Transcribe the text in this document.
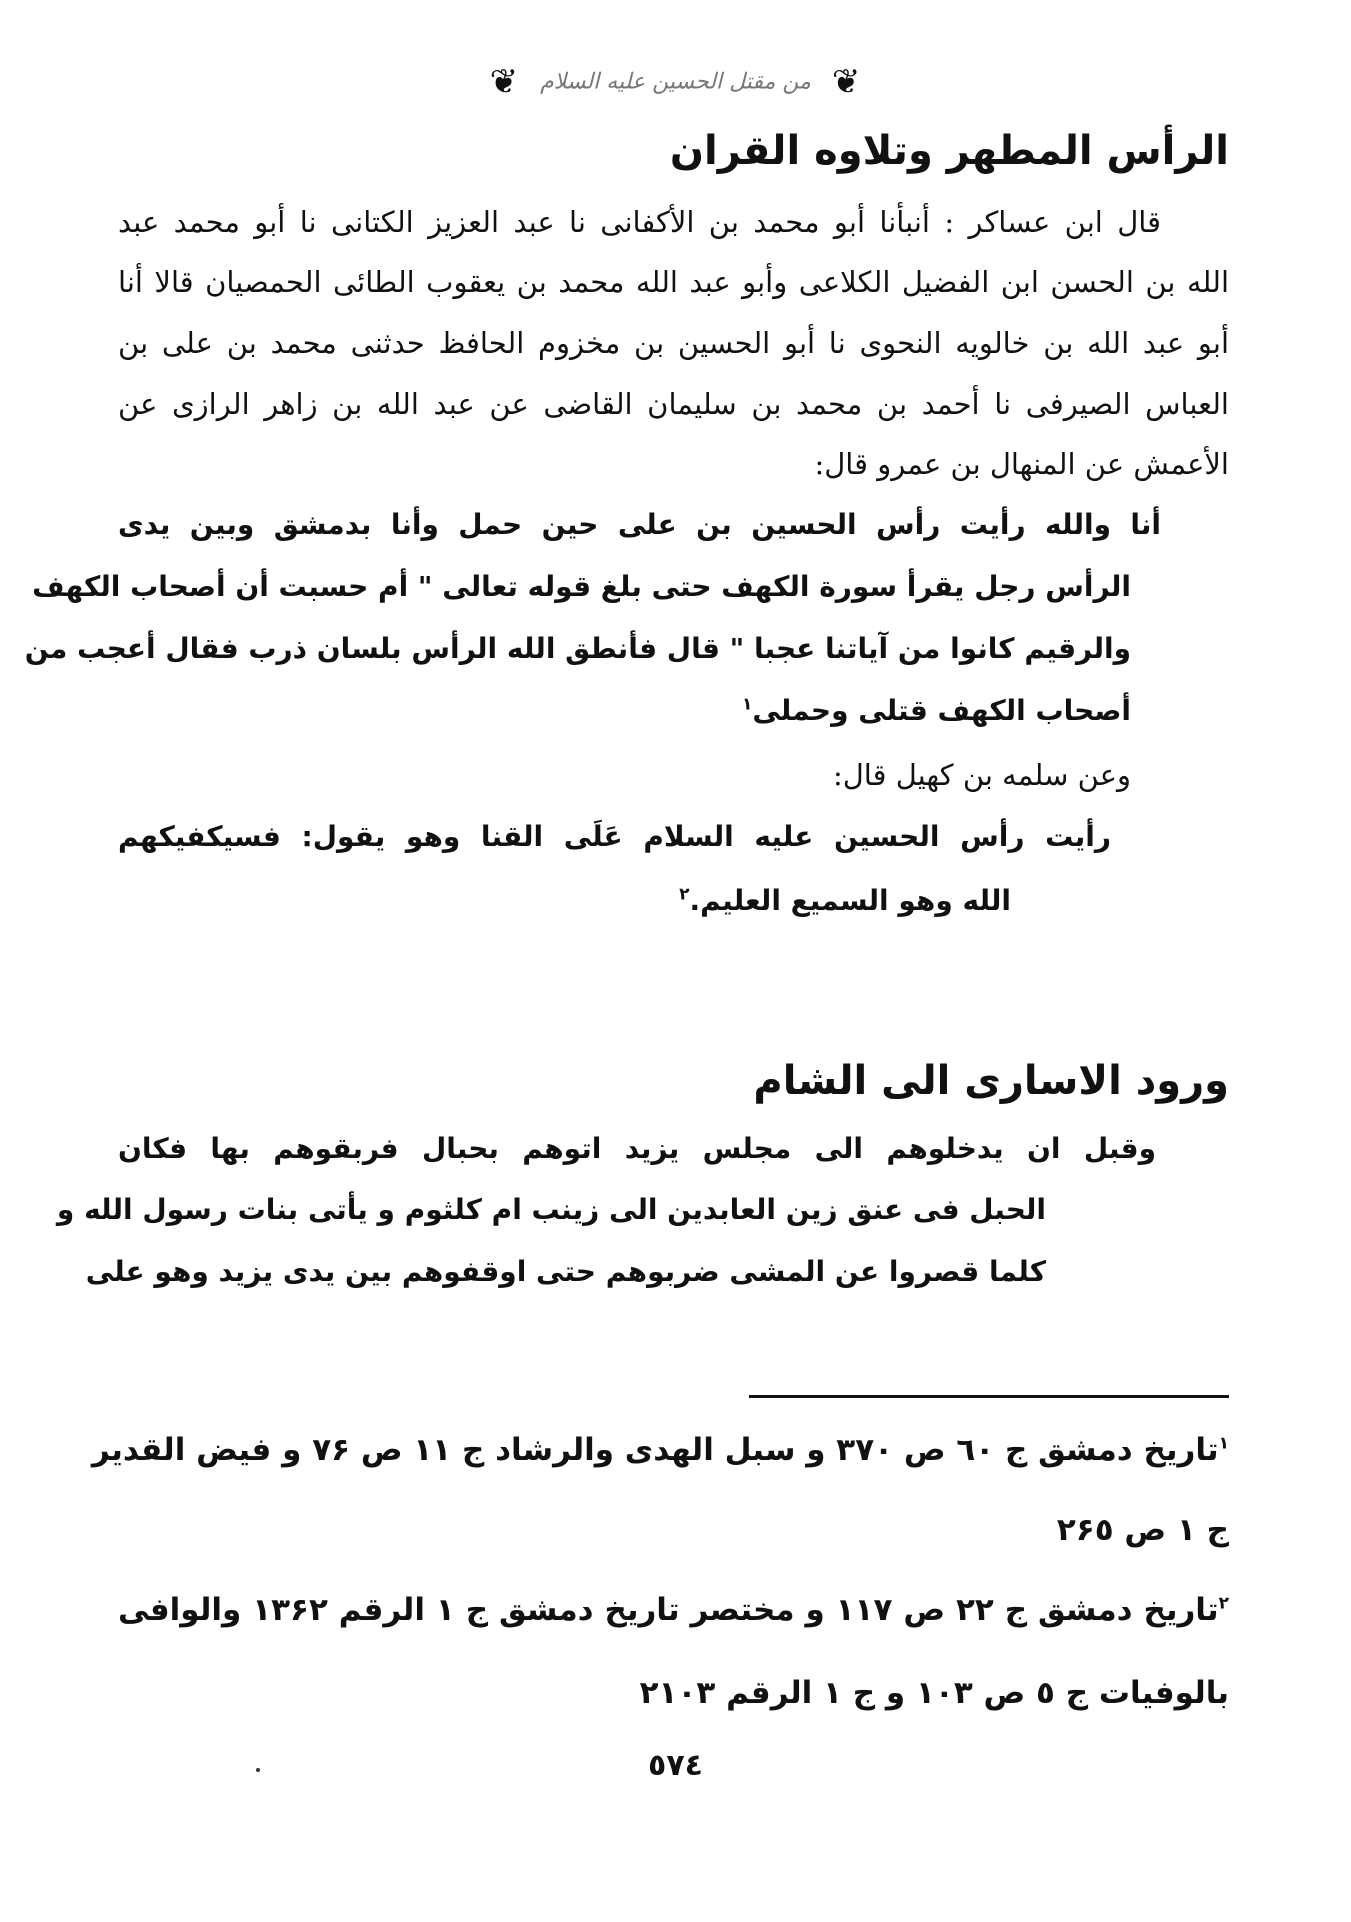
❦ من مقتل الحسين عليه السلام ❦
الرأس المطهر وتلاوه القران
قال ابن عساكر : أنبأنا أبو محمد بن الأكفانى نا عبد العزيز الكتانى نا أبو محمد عبد
الله بن الحسن ابن الفضيل الكلاعى وأبو عبد الله محمد بن يعقوب الطائى الحمصيان قالا أنا
أبو عبد الله بن خالويه النحوى نا أبو الحسين بن مخزوم الحافظ حدثنى محمد بن على بن
العباس الصيرفى نا أحمد بن محمد بن سليمان القاضى عن عبد الله بن زاهر الرازى عن
الأعمش عن المنهال بن عمرو قال:
أنا والله رأيت رأس الحسين بن على حين حمل وأنا بدمشق وبين يدى
الرأس رجل يقرأ سورة الكهف حتى بلغ قوله تعالى " أم حسبت أن أصحاب الكهف
والرقيم كانوا من آياتنا عجبا " قال فأنطق الله الرأس بلسان ذرب فقال أعجب من
أصحاب الكهف قتلى وحملى$^١$
وعن سلمه بن كهيل قال:
رأيت رأس الحسين عليه السلام عَلَى القنا وهو يقول: فسيكفيكهم
الله وهو السميع العليم.$^٢$
ورود الاسارى الى الشام
وقبل ان يدخلوهم الى مجلس يزيد اتوهم بحبال فربقوهم بها فكان
الحبل فى عنق زين العابدين الى زينب ام كلثوم و يأتى بنات رسول الله و
كلما قصروا عن المشى ضربوهم حتى اوقفوهم بين يدى يزيد وهو على
$^١$تاريخ دمشق ج ٦٠ ص ٣٧٠ و سبل الهدى والرشاد ج ١١ ص ٧۶ و فيض القدير
ج ١ ص ٢۶٥
$^٢$تاريخ دمشق ج ٢٢ ص ١١٧ و مختصر تاريخ دمشق ج ١ الرقم ١٣۶٢ والوافى
بالوفيات ج ٥ ص ١٠٣ و ج ١ الرقم ٢١٠٣
٥٧٤
